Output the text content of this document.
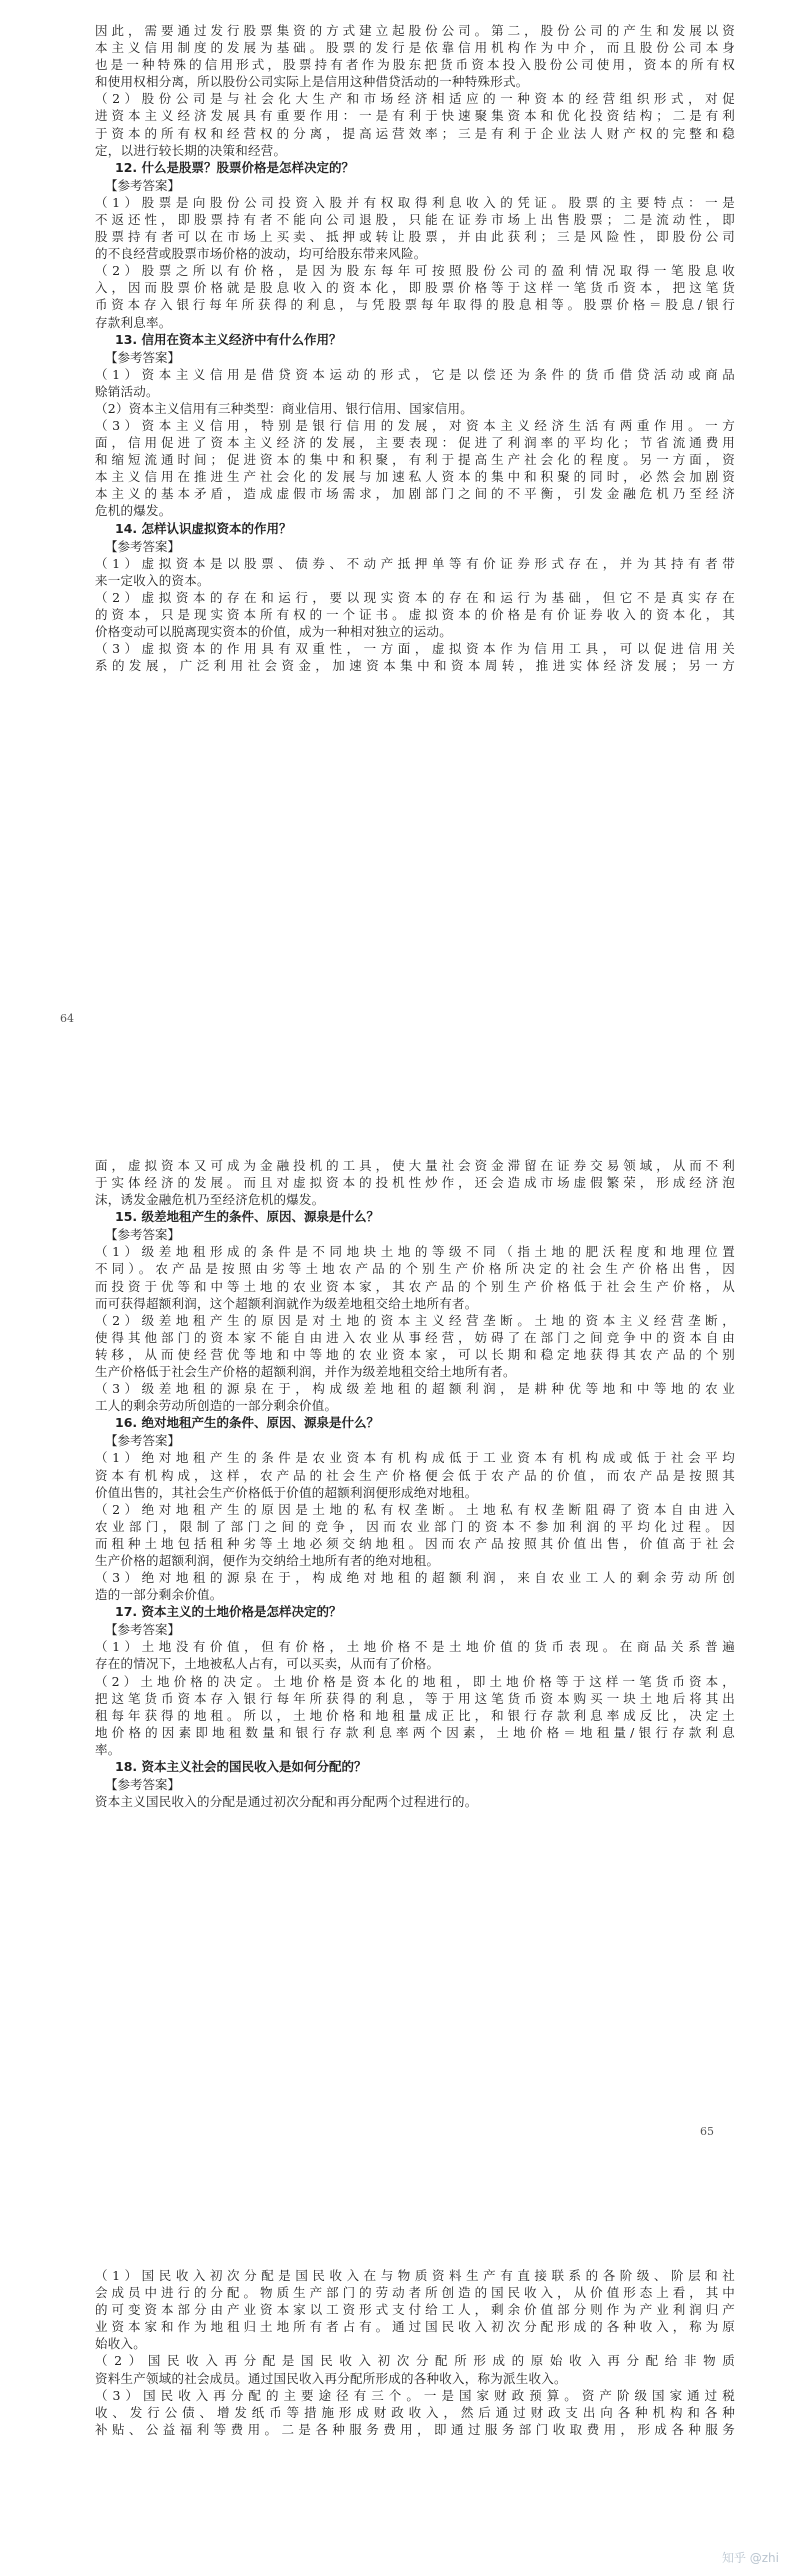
因此，需要通过发行股票集资的方式建立起股份公司。第二，股份公司的产生和发展以资
本主义信用制度的发展为基础。股票的发行是依靠信用机构作为中介，而且股份公司本身
也是一种特殊的信用形式，股票持有者作为股东把货币资本投入股份公司使用，资本的所有权
和使用权相分离，所以股份公司实际上是信用这种借贷活动的一种特殊形式。
（2）股份公司是与社会化大生产和市场经济相适应的一种资本的经营组织形式，对促
进资本主义经济发展具有重要作用：一是有利于快速聚集资本和优化投资结构；二是有利
于资本的所有权和经营权的分离，提高运营效率；三是有利于企业法人财产权的完整和稳
定，以进行较长期的决策和经营。
12. 什么是股票？股票价格是怎样决定的？
【参考答案】
（1）股票是向股份公司投资入股并有权取得利息收入的凭证。股票的主要特点：一是
不返还性，即股票持有者不能向公司退股，只能在证券市场上出售股票；二是流动性，即
股票持有者可以在市场上买卖、抵押或转让股票，并由此获利；三是风险性，即股份公司
的不良经营或股票市场价格的波动，均可给股东带来风险。
（2）股票之所以有价格，是因为股东每年可按照股份公司的盈利情况取得一笔股息收
入，因而股票价格就是股息收入的资本化，即股票价格等于这样一笔货币资本，把这笔货
币资本存入银行每年所获得的利息，与凭股票每年取得的股息相等。股票价格＝股息/银行
存款利息率。
13. 信用在资本主义经济中有什么作用？
【参考答案】
（1）资本主义信用是借贷资本运动的形式，它是以偿还为条件的货币借贷活动或商品
赊销活动。
（2）资本主义信用有三种类型：商业信用、银行信用、国家信用。
（3）资本主义信用，特别是银行信用的发展，对资本主义经济生活有两重作用。一方
面，信用促进了资本主义经济的发展，主要表现：促进了利润率的平均化；节省流通费用
和缩短流通时间；促进资本的集中和积聚，有利于提高生产社会化的程度。另一方面，资
本主义信用在推进生产社会化的发展与加速私人资本的集中和积聚的同时，必然会加剧资
本主义的基本矛盾，造成虚假市场需求，加剧部门之间的不平衡，引发金融危机乃至经济
危机的爆发。
14. 怎样认识虚拟资本的作用？
【参考答案】
（1）虚拟资本是以股票、债券、不动产抵押单等有价证券形式存在，并为其持有者带
来一定收入的资本。
（2）虚拟资本的存在和运行，要以现实资本的存在和运行为基础，但它不是真实存在
的资本，只是现实资本所有权的一个证书。虚拟资本的价格是有价证券收入的资本化，其
价格变动可以脱离现实资本的价值，成为一种相对独立的运动。
（3）虚拟资本的作用具有双重性，一方面，虚拟资本作为信用工具，可以促进信用关
系的发展，广泛利用社会资金，加速资本集中和资本周转，推进实体经济发展；另一方
64
面，虚拟资本又可成为金融投机的工具，使大量社会资金滞留在证券交易领域，从而不利
于实体经济的发展。而且对虚拟资本的投机性炒作，还会造成市场虚假繁荣，形成经济泡
沫，诱发金融危机乃至经济危机的爆发。
15. 级差地租产生的条件、原因、源泉是什么？
【参考答案】
（1）级差地租形成的条件是不同地块土地的等级不同（指土地的肥沃程度和地理位置
不同）。农产品是按照由劣等土地农产品的个别生产价格所决定的社会生产价格出售，因
而投资于优等和中等土地的农业资本家，其农产品的个别生产价格低于社会生产价格，从
而可获得超额利润，这个超额利润就作为级差地租交给土地所有者。
（2）级差地租产生的原因是对土地的资本主义经营垄断。土地的资本主义经营垄断，
使得其他部门的资本家不能自由进入农业从事经营，妨碍了在部门之间竞争中的资本自由
转移，从而使经营优等地和中等地的农业资本家，可以长期和稳定地获得其农产品的个别
生产价格低于社会生产价格的超额利润，并作为级差地租交给土地所有者。
（3）级差地租的源泉在于，构成级差地租的超额利润，是耕种优等地和中等地的农业
工人的剩余劳动所创造的一部分剩余价值。
16. 绝对地租产生的条件、原因、源泉是什么？
【参考答案】
（1）绝对地租产生的条件是农业资本有机构成低于工业资本有机构成或低于社会平均
资本有机构成，这样，农产品的社会生产价格便会低于农产品的价值，而农产品是按照其
价值出售的，其社会生产价格低于价值的超额利润便形成绝对地租。
（2）绝对地租产生的原因是土地的私有权垄断。土地私有权垄断阻碍了资本自由进入
农业部门，限制了部门之间的竞争，因而农业部门的资本不参加利润的平均化过程。因
而租种土地包括租种劣等土地必须交纳地租。因而农产品按照其价值出售，价值高于社会
生产价格的超额利润，便作为交纳给土地所有者的绝对地租。
（3）绝对地租的源泉在于，构成绝对地租的超额利润，来自农业工人的剩余劳动所创
造的一部分剩余价值。
17. 资本主义的土地价格是怎样决定的？
【参考答案】
（1）土地没有价值，但有价格，土地价格不是土地价值的货币表现。在商品关系普遍
存在的情况下，土地被私人占有，可以买卖，从而有了价格。
（2）土地价格的决定。土地价格是资本化的地租，即土地价格等于这样一笔货币资本，
把这笔货币资本存入银行每年所获得的利息，等于用这笔货币资本购买一块土地后将其出
租每年获得的地租。所以，土地价格和地租量成正比，和银行存款利息率成反比，决定土
地价格的因素即地租数量和银行存款利息率两个因素，土地价格＝地租量/银行存款利息
率。
18. 资本主义社会的国民收入是如何分配的？
【参考答案】
资本主义国民收入的分配是通过初次分配和再分配两个过程进行的。
65
（1）国民收入初次分配是国民收入在与物质资料生产有直接联系的各阶级、阶层和社
会成员中进行的分配。物质生产部门的劳动者所创造的国民收入，从价值形态上看，其中
的可变资本部分由产业资本家以工资形式支付给工人，剩余价值部分则作为产业利润归产
业资本家和作为地租归土地所有者占有。通过国民收入初次分配形成的各种收入，称为原
始收入。
（2）国民收入再分配是国民收入初次分配所形成的原始收入再分配给非物质
资料生产领域的社会成员。通过国民收入再分配所形成的各种收入，称为派生收入。
（3）国民收入再分配的主要途径有三个。一是国家财政预算。资产阶级国家通过税
收、发行公债、增发纸币等措施形成财政收入，然后通过财政支出向各种机构和各种
补贴、公益福利等费用。二是各种服务费用，即通过服务部门收取费用，形成各种服务
知乎 @zhi
